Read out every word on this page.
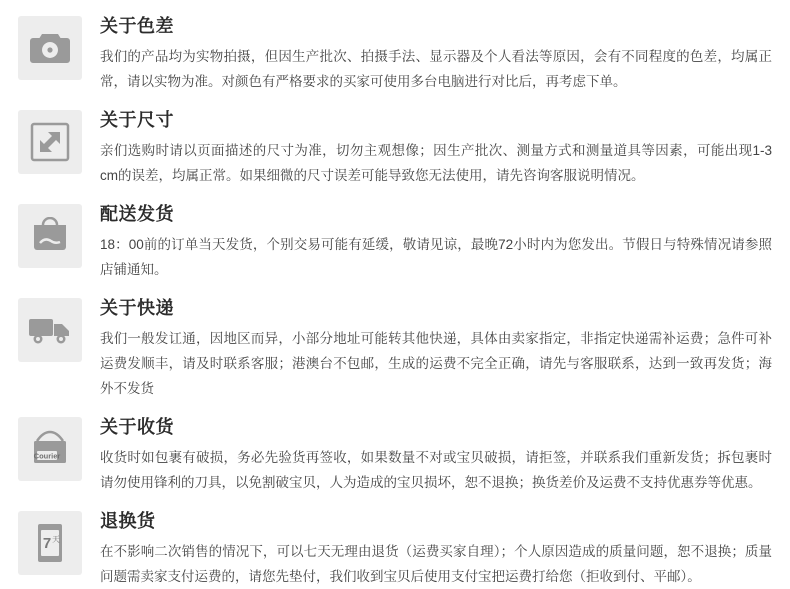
关于色差

我们的产品均为实物拍摄，但因生产批次、拍摄手法、显示器及个人看法等原因，会有不同程度的色差，均属正常，请以实物为准。对颜色有严格要求的买家可使用多台电脑进行对比后，再考虑下单。

关于尺寸

亲们选购时请以页面描述的尺寸为准，切勿主观想像；因生产批次、测量方式和测量道具等因素，可能出现1-3 cm的误差，均属正常。如果细微的尺寸误差可能导致您无法使用，请先咨询客服说明情况。

配送发货

18：00前的订单当天发货，个别交易可能有延缓，敬请见谅，最晚72小时内为您发出。节假日与特殊情况请参照店铺通知。

关于快递

我们一般发讧通，因地区而异，小部分地址可能转其他快递，具体由卖家指定，非指定快递需补运费；急件可补运费发顺丰，请及时联系客服；港澳台不包邮，生成的运费不完全正确，请先与客服联系，达到一致再发货；海外不发货

Courier
关于收货

收货时如包裹有破损，务必先验货再签收，如果数量不对或宝贝破损，请拒签，并联系我们重新发货；拆包裹时请勿使用锋利的刀具，以免割破宝贝，人为造成的宝贝损坏，恕不退换；换货差价及运费不支持优惠券等优惠。

7 天
退换货

在不影响二次销售的情况下，可以七天无理由退货（运费买家自理）；个人原因造成的质量问题，恕不退换；质量问题需卖家支付运费的，请您先垫付，我们收到宝贝后使用支付宝把运费打给您（拒收到付、平邮）。
